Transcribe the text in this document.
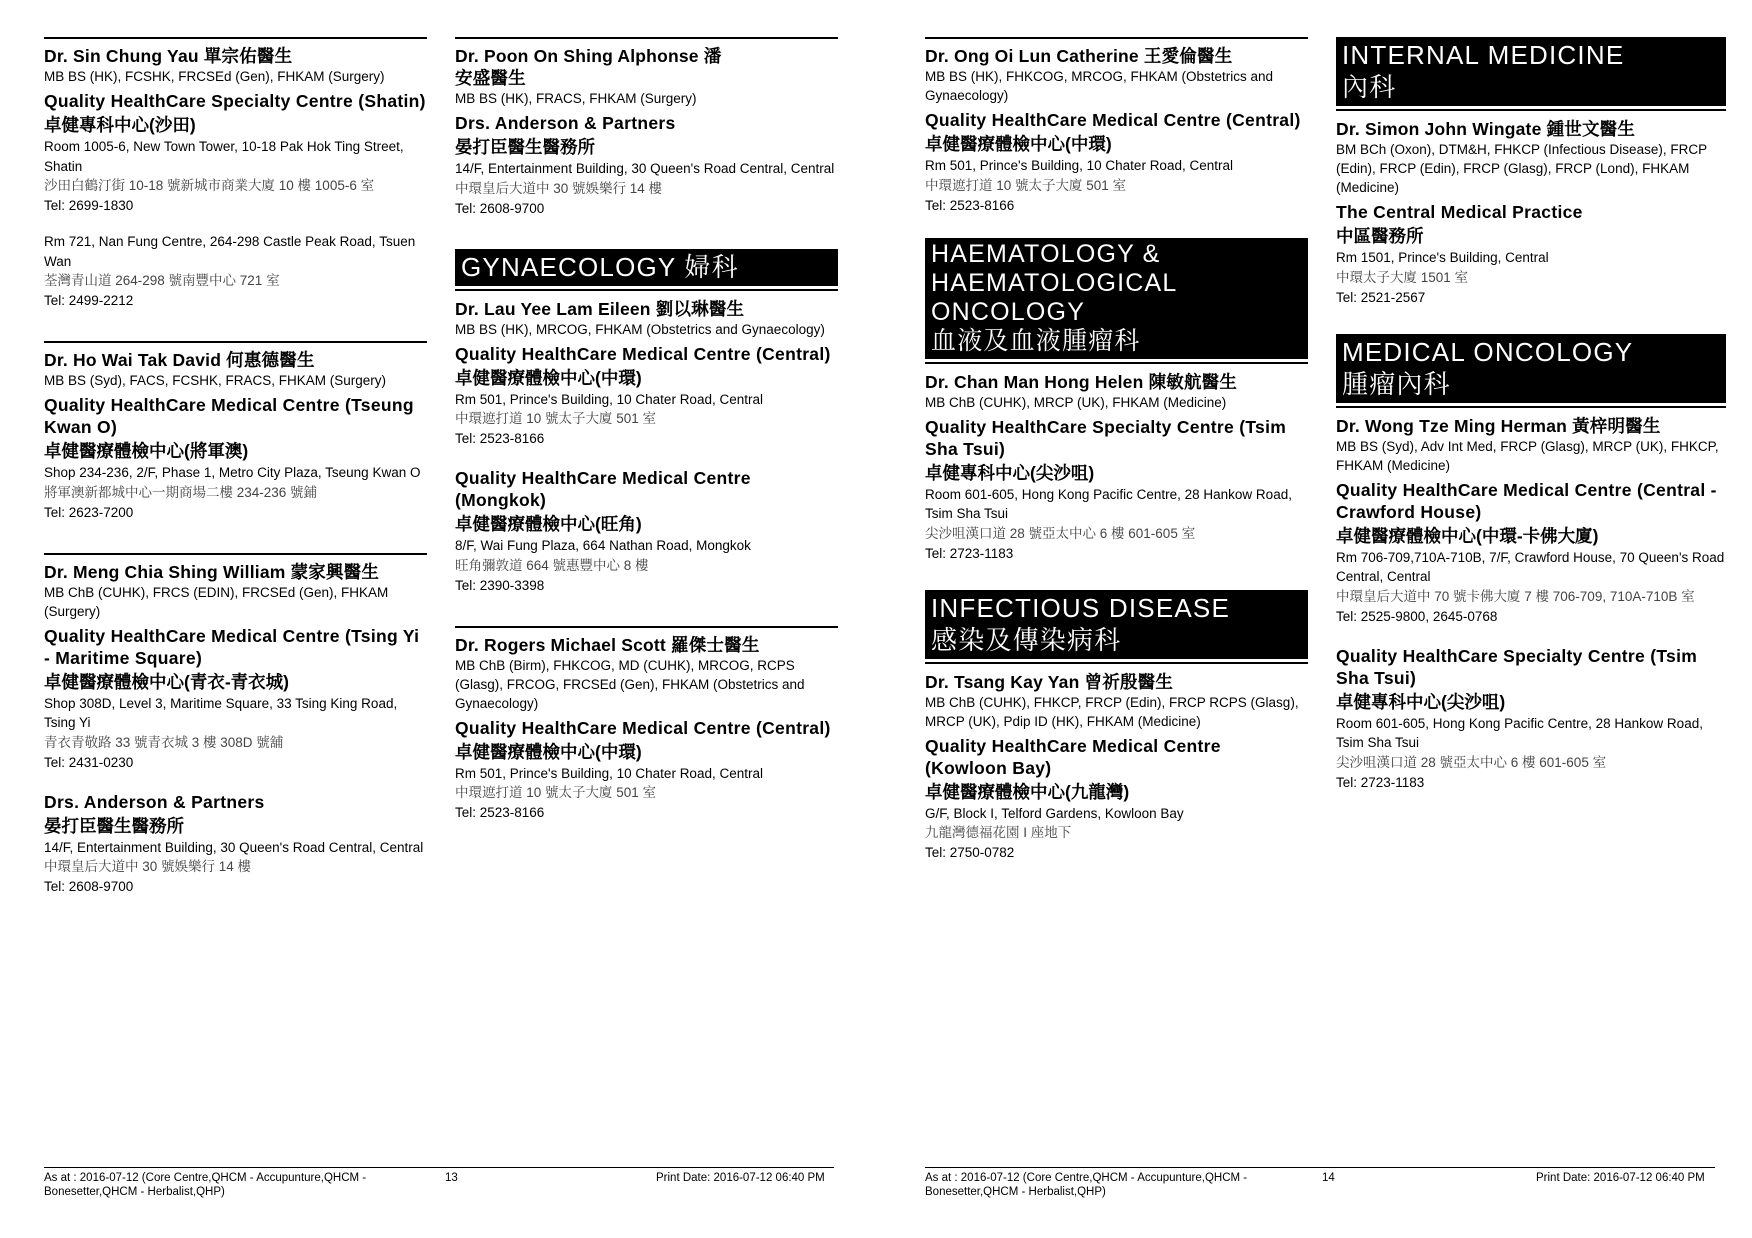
Dr. Sin Chung Yau 單宗佑醫生
MB BS (HK), FCSHK, FRCSEd (Gen), FHKAM (Surgery)
Quality HealthCare Specialty Centre (Shatin)
卓健專科中心(沙田)
Room 1005-6, New Town Tower, 10-18 Pak Hok Ting Street, Shatin
沙田白鶴汀街 10-18 號新城市商業大廈 10 樓 1005-6 室
Tel: 2699-1830
Rm 721, Nan Fung Centre, 264-298 Castle Peak Road, Tsuen Wan
荃灣青山道 264-298 號南豐中心 721 室
Tel: 2499-2212
Dr. Ho Wai Tak David 何惠德醫生
MB BS (Syd), FACS, FCSHK, FRACS, FHKAM (Surgery)
Quality HealthCare Medical Centre (Tseung Kwan O)
卓健醫療體檢中心(將軍澳)
Shop 234-236, 2/F, Phase 1, Metro City Plaza, Tseung Kwan O
將軍澳新都城中心一期商場二樓 234-236 號鋪
Tel: 2623-7200
Dr. Meng Chia Shing William 蒙家興醫生
MB ChB (CUHK), FRCS (EDIN), FRCSEd (Gen), FHKAM (Surgery)
Quality HealthCare Medical Centre (Tsing Yi - Maritime Square)
卓健醫療體檢中心(青衣-青衣城)
Shop 308D, Level 3, Maritime Square, 33 Tsing King Road, Tsing Yi
青衣青敬路 33 號青衣城 3 樓 308D 號舖
Tel: 2431-0230
Drs. Anderson & Partners
晏打臣醫生醫務所
14/F, Entertainment Building, 30 Queen's Road Central, Central
中環皇后大道中 30 號娛樂行 14 樓
Tel: 2608-9700
Dr. Poon On Shing Alphonse 潘安盛醫生
MB BS (HK), FRACS, FHKAM (Surgery)
Drs. Anderson & Partners
晏打臣醫生醫務所
14/F, Entertainment Building, 30 Queen's Road Central, Central
中環皇后大道中 30 號娛樂行 14 樓
Tel: 2608-9700
GYNAECOLOGY 婦科
Dr. Lau Yee Lam Eileen 劉以琳醫生
MB BS (HK), MRCOG, FHKAM (Obstetrics and Gynaecology)
Quality HealthCare Medical Centre (Central)
卓健醫療體檢中心(中環)
Rm 501, Prince's Building, 10 Chater Road, Central
中環遮打道 10 號太子大廈 501 室
Tel: 2523-8166
Quality HealthCare Medical Centre (Mongkok)
卓健醫療體檢中心(旺角)
8/F, Wai Fung Plaza, 664 Nathan Road, Mongkok
旺角彌敦道 664 號惠豐中心 8 樓
Tel: 2390-3398
Dr. Rogers Michael Scott 羅傑士醫生
MB ChB (Birm), FHKCOG, MD (CUHK), MRCOG, RCPS (Glasg), FRCOG, FRCSEd (Gen), FHKAM (Obstetrics and Gynaecology)
Quality HealthCare Medical Centre (Central)
卓健醫療體檢中心(中環)
Rm 501, Prince's Building, 10 Chater Road, Central
中環遮打道 10 號太子大廈 501 室
Tel: 2523-8166
Dr. Ong Oi Lun Catherine 王愛倫醫生
MB BS (HK), FHKCOG, MRCOG, FHKAM (Obstetrics and Gynaecology)
Quality HealthCare Medical Centre (Central)
卓健醫療體檢中心(中環)
Rm 501, Prince's Building, 10 Chater Road, Central
中環遮打道 10 號太子大廈 501 室
Tel: 2523-8166
HAEMATOLOGY &
HAEMATOLOGICAL
ONCOLOGY
血液及血液腫瘤科
Dr. Chan Man Hong Helen 陳敏航醫生
MB ChB (CUHK), MRCP (UK), FHKAM (Medicine)
Quality HealthCare Specialty Centre (Tsim Sha Tsui)
卓健專科中心(尖沙咀)
Room 601-605, Hong Kong Pacific Centre, 28 Hankow Road, Tsim Sha Tsui
尖沙咀漢口道 28 號亞太中心 6 樓 601-605 室
Tel: 2723-1183
INFECTIOUS DISEASE
感染及傳染病科
Dr. Tsang Kay Yan 曾祈殷醫生
MB ChB (CUHK), FHKCP, FRCP (Edin), FRCP RCPS (Glasg), MRCP (UK), Pdip ID (HK), FHKAM (Medicine)
Quality HealthCare Medical Centre (Kowloon Bay)
卓健醫療體檢中心(九龍灣)
G/F, Block I, Telford Gardens, Kowloon Bay
九龍灣德福花園 I 座地下
Tel: 2750-0782
INTERNAL MEDICINE
內科
Dr. Simon John Wingate 鍾世文醫生
BM BCh (Oxon), DTM&H, FHKCP (Infectious Disease), FRCP (Edin), FRCP (Edin), FRCP (Glasg), FRCP (Lond), FHKAM (Medicine)
The Central Medical Practice
中區醫務所
Rm 1501, Prince's Building, Central
中環太子大廈 1501 室
Tel: 2521-2567
MEDICAL ONCOLOGY
腫瘤內科
Dr. Wong Tze Ming Herman 黃梓明醫生
MB BS (Syd), Adv Int Med, FRCP (Glasg), MRCP (UK), FHKCP, FHKAM (Medicine)
Quality HealthCare Medical Centre (Central - Crawford House)
卓健醫療體檢中心(中環-卡佛大廈)
Rm 706-709,710A-710B, 7/F, Crawford House, 70 Queen's Road Central, Central
中環皇后大道中 70 號卡佛大廈 7 樓 706-709, 710A-710B 室
Tel: 2525-9800, 2645-0768
Quality HealthCare Specialty Centre (Tsim Sha Tsui)
卓健專科中心(尖沙咀)
Room 601-605, Hong Kong Pacific Centre, 28 Hankow Road, Tsim Sha Tsui
尖沙咀漢口道 28 號亞太中心 6 樓 601-605 室
Tel: 2723-1183
As at : 2016-07-12 (Core Centre,QHCM - Accupunture,QHCM - Bonesetter,QHCM - Herbalist,QHP)
13	Print Date: 2016-07-12 06:40 PM	As at : 2016-07-12 (Core Centre,QHCM - Accupunture,QHCM - Bonesetter,QHCM - Herbalist,QHP)
14	Print Date: 2016-07-12 06:40 PM
